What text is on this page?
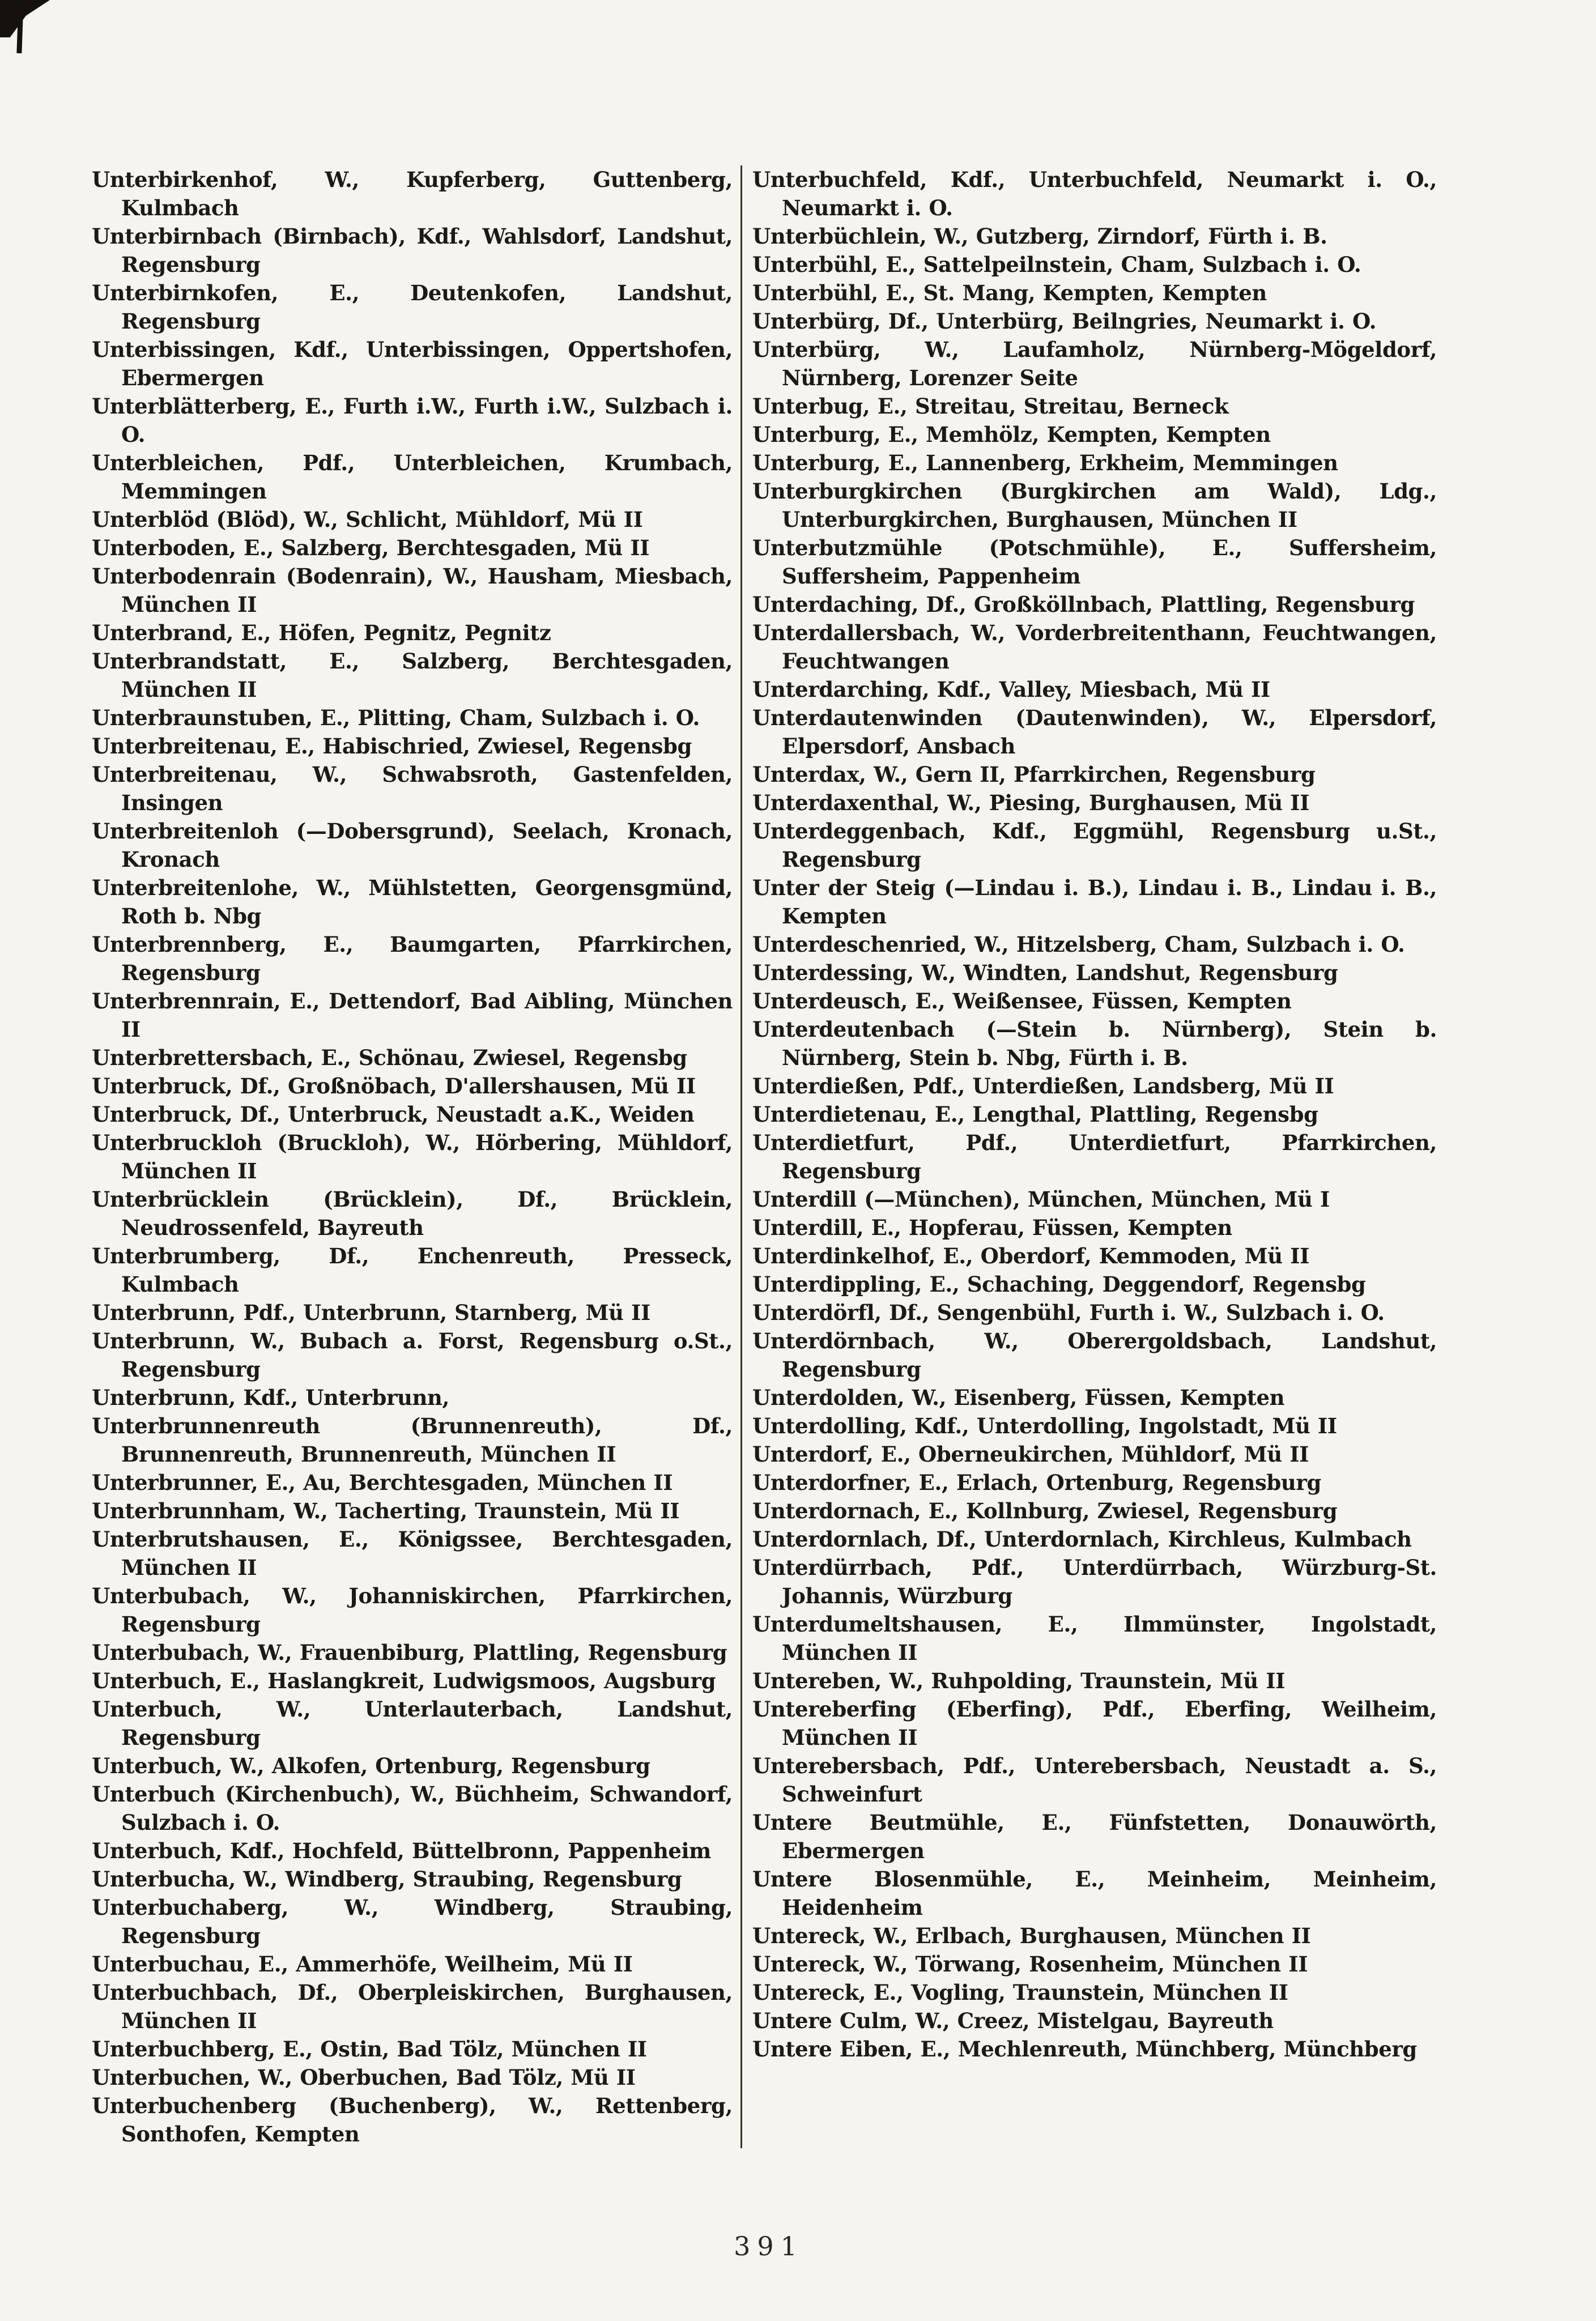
Unterbirkenhof, W., Kupferberg, Guttenberg, Kulmbach

Unterbirnbach (Birnbach), Kdf., Wahlsdorf, Landshut, Regensburg

Unterbirnkofen, E., Deutenkofen, Landshut, Regensburg

Unterbissingen, Kdf., Unterbissingen, Oppertshofen, Ebermergen

Unterblätterberg, E., Furth i.W., Furth i.W., Sulzbach i. O.

Unterbleichen, Pdf., Unterbleichen, Krumbach, Memmingen

Unterblöd (Blöd), W., Schlicht, Mühldorf, Mü II

Unterboden, E., Salzberg, Berchtesgaden, Mü II

Unterbodenrain (Bodenrain), W., Hausham, Miesbach, München II

Unterbrand, E., Höfen, Pegnitz, Pegnitz

Unterbrandstatt, E., Salzberg, Berchtesgaden, München II

Unterbraunstuben, E., Plitting, Cham, Sulzbach i. O.

Unterbreitenau, E., Habischried, Zwiesel, Regensbg

Unterbreitenau, W., Schwabsroth, Gastenfelden, Insingen

Unterbreitenloh (—Dobersgrund), Seelach, Kronach, Kronach

Unterbreitenlohe, W., Mühlstetten, Georgensgmünd, Roth b. Nbg

Unterbrennberg, E., Baumgarten, Pfarrkirchen, Regensburg

Unterbrennrain, E., Dettendorf, Bad Aibling, München II

Unterbrettersbach, E., Schönau, Zwiesel, Regensbg

Unterbruck, Df., Großnöbach, D'allershausen, Mü II

Unterbruck, Df., Unterbruck, Neustadt a.K., Weiden

Unterbruckloh (Bruckloh), W., Hörbering, Mühldorf, München II

Unterbrücklein (Brücklein), Df., Brücklein, Neudrossenfeld, Bayreuth

Unterbrumberg, Df., Enchenreuth, Presseck, Kulmbach

Unterbrunn, Pdf., Unterbrunn, Starnberg, Mü II

Unterbrunn, W., Bubach a. Forst, Regensburg o.St., Regensburg

Unterbrunn, Kdf., Unterbrunn,

Unterbrunnenreuth (Brunnenreuth), Df., Brunnenreuth, Brunnenreuth, München II

Unterbrunner, E., Au, Berchtesgaden, München II

Unterbrunnham, W., Tacherting, Traunstein, Mü II

Unterbrutshausen, E., Königssee, Berchtesgaden, München II

Unterbubach, W., Johanniskirchen, Pfarrkirchen, Regensburg

Unterbubach, W., Frauenbiburg, Plattling, Regensburg

Unterbuch, E., Haslangkreit, Ludwigsmoos, Augsburg

Unterbuch, W., Unterlauterbach, Landshut, Regensburg

Unterbuch, W., Alkofen, Ortenburg, Regensburg

Unterbuch (Kirchenbuch), W., Büchheim, Schwandorf, Sulzbach i. O.

Unterbuch, Kdf., Hochfeld, Büttelbronn, Pappenheim

Unterbucha, W., Windberg, Straubing, Regensburg

Unterbuchaberg, W., Windberg, Straubing, Regensburg

Unterbuchau, E., Ammerhöfe, Weilheim, Mü II

Unterbuchbach, Df., Oberpleiskirchen, Burghausen, München II

Unterbuchberg, E., Ostin, Bad Tölz, München II

Unterbuchen, W., Oberbuchen, Bad Tölz, Mü II

Unterbuchenberg (Buchenberg), W., Rettenberg, Sonthofen, Kempten

Unterbuchfeld, Kdf., Unterbuchfeld, Neumarkt i. O., Neumarkt i. O.

Unterbüchlein, W., Gutzberg, Zirndorf, Fürth i. B.

Unterbühl, E., Sattelpeilnstein, Cham, Sulzbach i. O.

Unterbühl, E., St. Mang, Kempten, Kempten

Unterbürg, Df., Unterbürg, Beilngries, Neumarkt i. O.

Unterbürg, W., Laufamholz, Nürnberg-Mögeldorf, Nürnberg, Lorenzer Seite

Unterbug, E., Streitau, Streitau, Berneck

Unterburg, E., Memhölz, Kempten, Kempten

Unterburg, E., Lannenberg, Erkheim, Memmingen

Unterburgkirchen (Burgkirchen am Wald), Ldg., Unterburgkirchen, Burghausen, München II

Unterbutzmühle (Potschmühle), E., Suffersheim, Suffersheim, Pappenheim

Unterdaching, Df., Großköllnbach, Plattling, Regensburg

Unterdallersbach, W., Vorderbreitenthann, Feuchtwangen, Feuchtwangen

Unterdarching, Kdf., Valley, Miesbach, Mü II

Unterdautenwinden (Dautenwinden), W., Elpersdorf, Elpersdorf, Ansbach

Unterdax, W., Gern II, Pfarrkirchen, Regensburg

Unterdaxenthal, W., Piesing, Burghausen, Mü II

Unterdeggenbach, Kdf., Eggmühl, Regensburg u.St., Regensburg

Unter der Steig (—Lindau i. B.), Lindau i. B., Lindau i. B., Kempten

Unterdeschenried, W., Hitzelsberg, Cham, Sulzbach i. O.

Unterdessing, W., Windten, Landshut, Regensburg

Unterdeusch, E., Weißensee, Füssen, Kempten

Unterdeutenbach (—Stein b. Nürnberg), Stein b. Nürnberg, Stein b. Nbg, Fürth i. B.

Unterdießen, Pdf., Unterdießen, Landsberg, Mü II

Unterdietenau, E., Lengthal, Plattling, Regensbg

Unterdietfurt, Pdf., Unterdietfurt, Pfarrkirchen, Regensburg

Unterdill (—München), München, München, Mü I

Unterdill, E., Hopferau, Füssen, Kempten

Unterdinkelhof, E., Oberdorf, Kemmoden, Mü II

Unterdippling, E., Schaching, Deggendorf, Regensbg

Unterdörfl, Df., Sengenbühl, Furth i. W., Sulzbach i. O.

Unterdörnbach, W., Oberergoldsbach, Landshut, Regensburg

Unterdolden, W., Eisenberg, Füssen, Kempten

Unterdolling, Kdf., Unterdolling, Ingolstadt, Mü II

Unterdorf, E., Oberneukirchen, Mühldorf, Mü II

Unterdorfner, E., Erlach, Ortenburg, Regensburg

Unterdornach, E., Kollnburg, Zwiesel, Regensburg

Unterdornlach, Df., Unterdornlach, Kirchleus, Kulmbach

Unterdürrbach, Pdf., Unterdürrbach, Würzburg-St. Johannis, Würzburg

Unterdumeltshausen, E., Ilmmünster, Ingolstadt, München II

Untereben, W., Ruhpolding, Traunstein, Mü II

Untereberfing (Eberfing), Pdf., Eberfing, Weilheim, München II

Unterebersbach, Pdf., Unterebersbach, Neustadt a. S., Schweinfurt

Untere Beutmühle, E., Fünfstetten, Donauwörth, Ebermergen

Untere Blosenmühle, E., Meinheim, Meinheim, Heidenheim

Untereck, W., Erlbach, Burghausen, München II

Untereck, W., Törwang, Rosenheim, München II

Untereck, E., Vogling, Traunstein, München II

Untere Culm, W., Creez, Mistelgau, Bayreuth

Untere Eiben, E., Mechlenreuth, Münchberg, Münchberg

391
